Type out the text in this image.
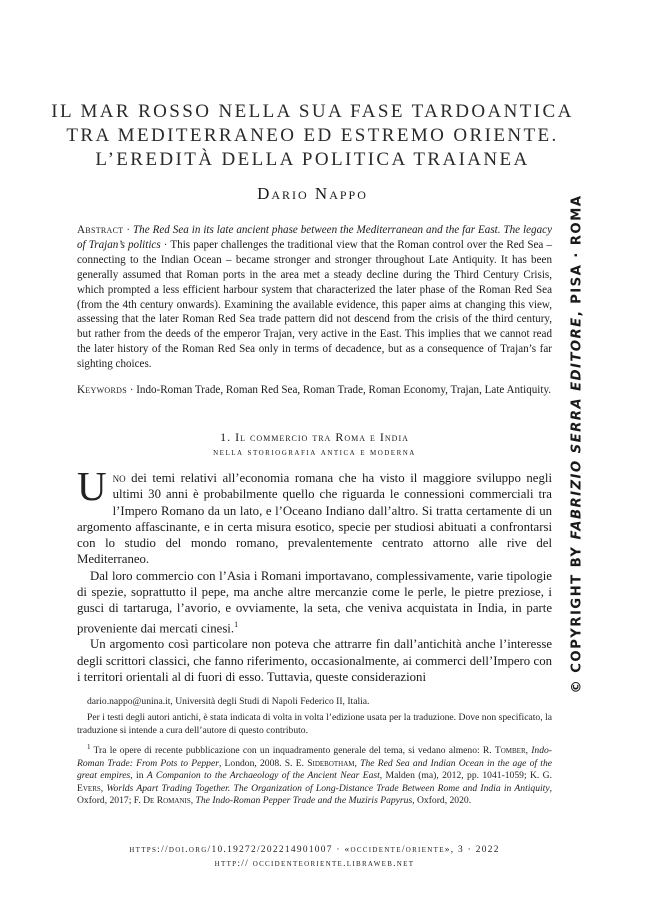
IL MAR ROSSO NELLA SUA FASE TARDOANTICA
TRA MEDITERRANEO ED ESTREMO ORIENTE.
L’EREDITÀ DELLA POLITICA TRAIANEA
Dario Nappo
Abstract · The Red Sea in its late ancient phase between the Mediterranean and the far East. The legacy of Trajan’s politics · This paper challenges the traditional view that the Roman control over the Red Sea – connecting to the Indian Ocean – became stronger and stronger throughout Late Antiquity. It has been generally assumed that Roman ports in the area met a steady decline during the Third Century Crisis, which prompted a less efficient harbour system that characterized the later phase of the Roman Red Sea (from the 4th century onwards). Examining the available evidence, this paper aims at changing this view, assessing that the later Roman Red Sea trade pattern did not descend from the crisis of the third century, but rather from the deeds of the emperor Trajan, very active in the East. This implies that we cannot read the later history of the Roman Red Sea only in terms of decadence, but as a consequence of Trajan’s far sighting choices.
Keywords · Indo-Roman Trade, Roman Red Sea, Roman Trade, Roman Economy, Trajan, Late Antiquity.
1. Il commercio tra Roma e India
nella storiografia antica e moderna

Uno dei temi relativi all’economia romana che ha visto il maggiore sviluppo negli ultimi 30 anni è probabilmente quello che riguarda le connessioni commerciali tra l’Impero Romano da un lato, e l’Oceano Indiano dall’altro. Si tratta certamente di un argomento affascinante, e in certa misura esotico, specie per studiosi abituati a confrontarsi con lo studio del mondo romano, prevalentemente centrato attorno alle rive del Mediterraneo.

Dal loro commercio con l’Asia i Romani importavano, complessivamente, varie tipologie di spezie, soprattutto il pepe, ma anche altre mercanzie come le perle, le pietre preziose, i gusci di tartaruga, l’avorio, e ovviamente, la seta, che veniva acquistata in India, in parte proveniente dai mercati cinesi.$^1$

Un argomento così particolare non poteva che attrarre fin dall’antichità anche l’interesse degli scrittori classici, che fanno riferimento, occasionalmente, ai commerci dell’Impero con i territori orientali al di fuori di esso. Tuttavia, queste considerazioni

dario.nappo@unina.it, Università degli Studi di Napoli Federico II, Italia.

Per i testi degli autori antichi, è stata indicata di volta in volta l’edizione usata per la traduzione. Dove non specificato, la traduzione si intende a cura dell’autore di questo contributo.

$^1$ Tra le opere di recente pubblicazione con un inquadramento generale del tema, si vedano almeno: R. Tomber, Indo-Roman Trade: From Pots to Pepper, London, 2008. S. E. Sidebotham, The Red Sea and Indian Ocean in the age of the great empires, in A Companion to the Archaeology of the Ancient Near East, Malden (ma), 2012, pp. 1041-1059; K. G. Evers, Worlds Apart Trading Together. The Organization of Long-Distance Trade Between Rome and India in Antiquity, Oxford, 2017; F. De Romanis, The Indo-Roman Pepper Trade and the Muziris Papyrus, Oxford, 2020.

https://doi.org/10.19272/202214901007 · «occidente/oriente», 3 · 2022
http:// occidenteoriente.libraweb.net
© COPYRIGHT BY FABRIZIO SERRA EDITORE, PISA · ROMA
